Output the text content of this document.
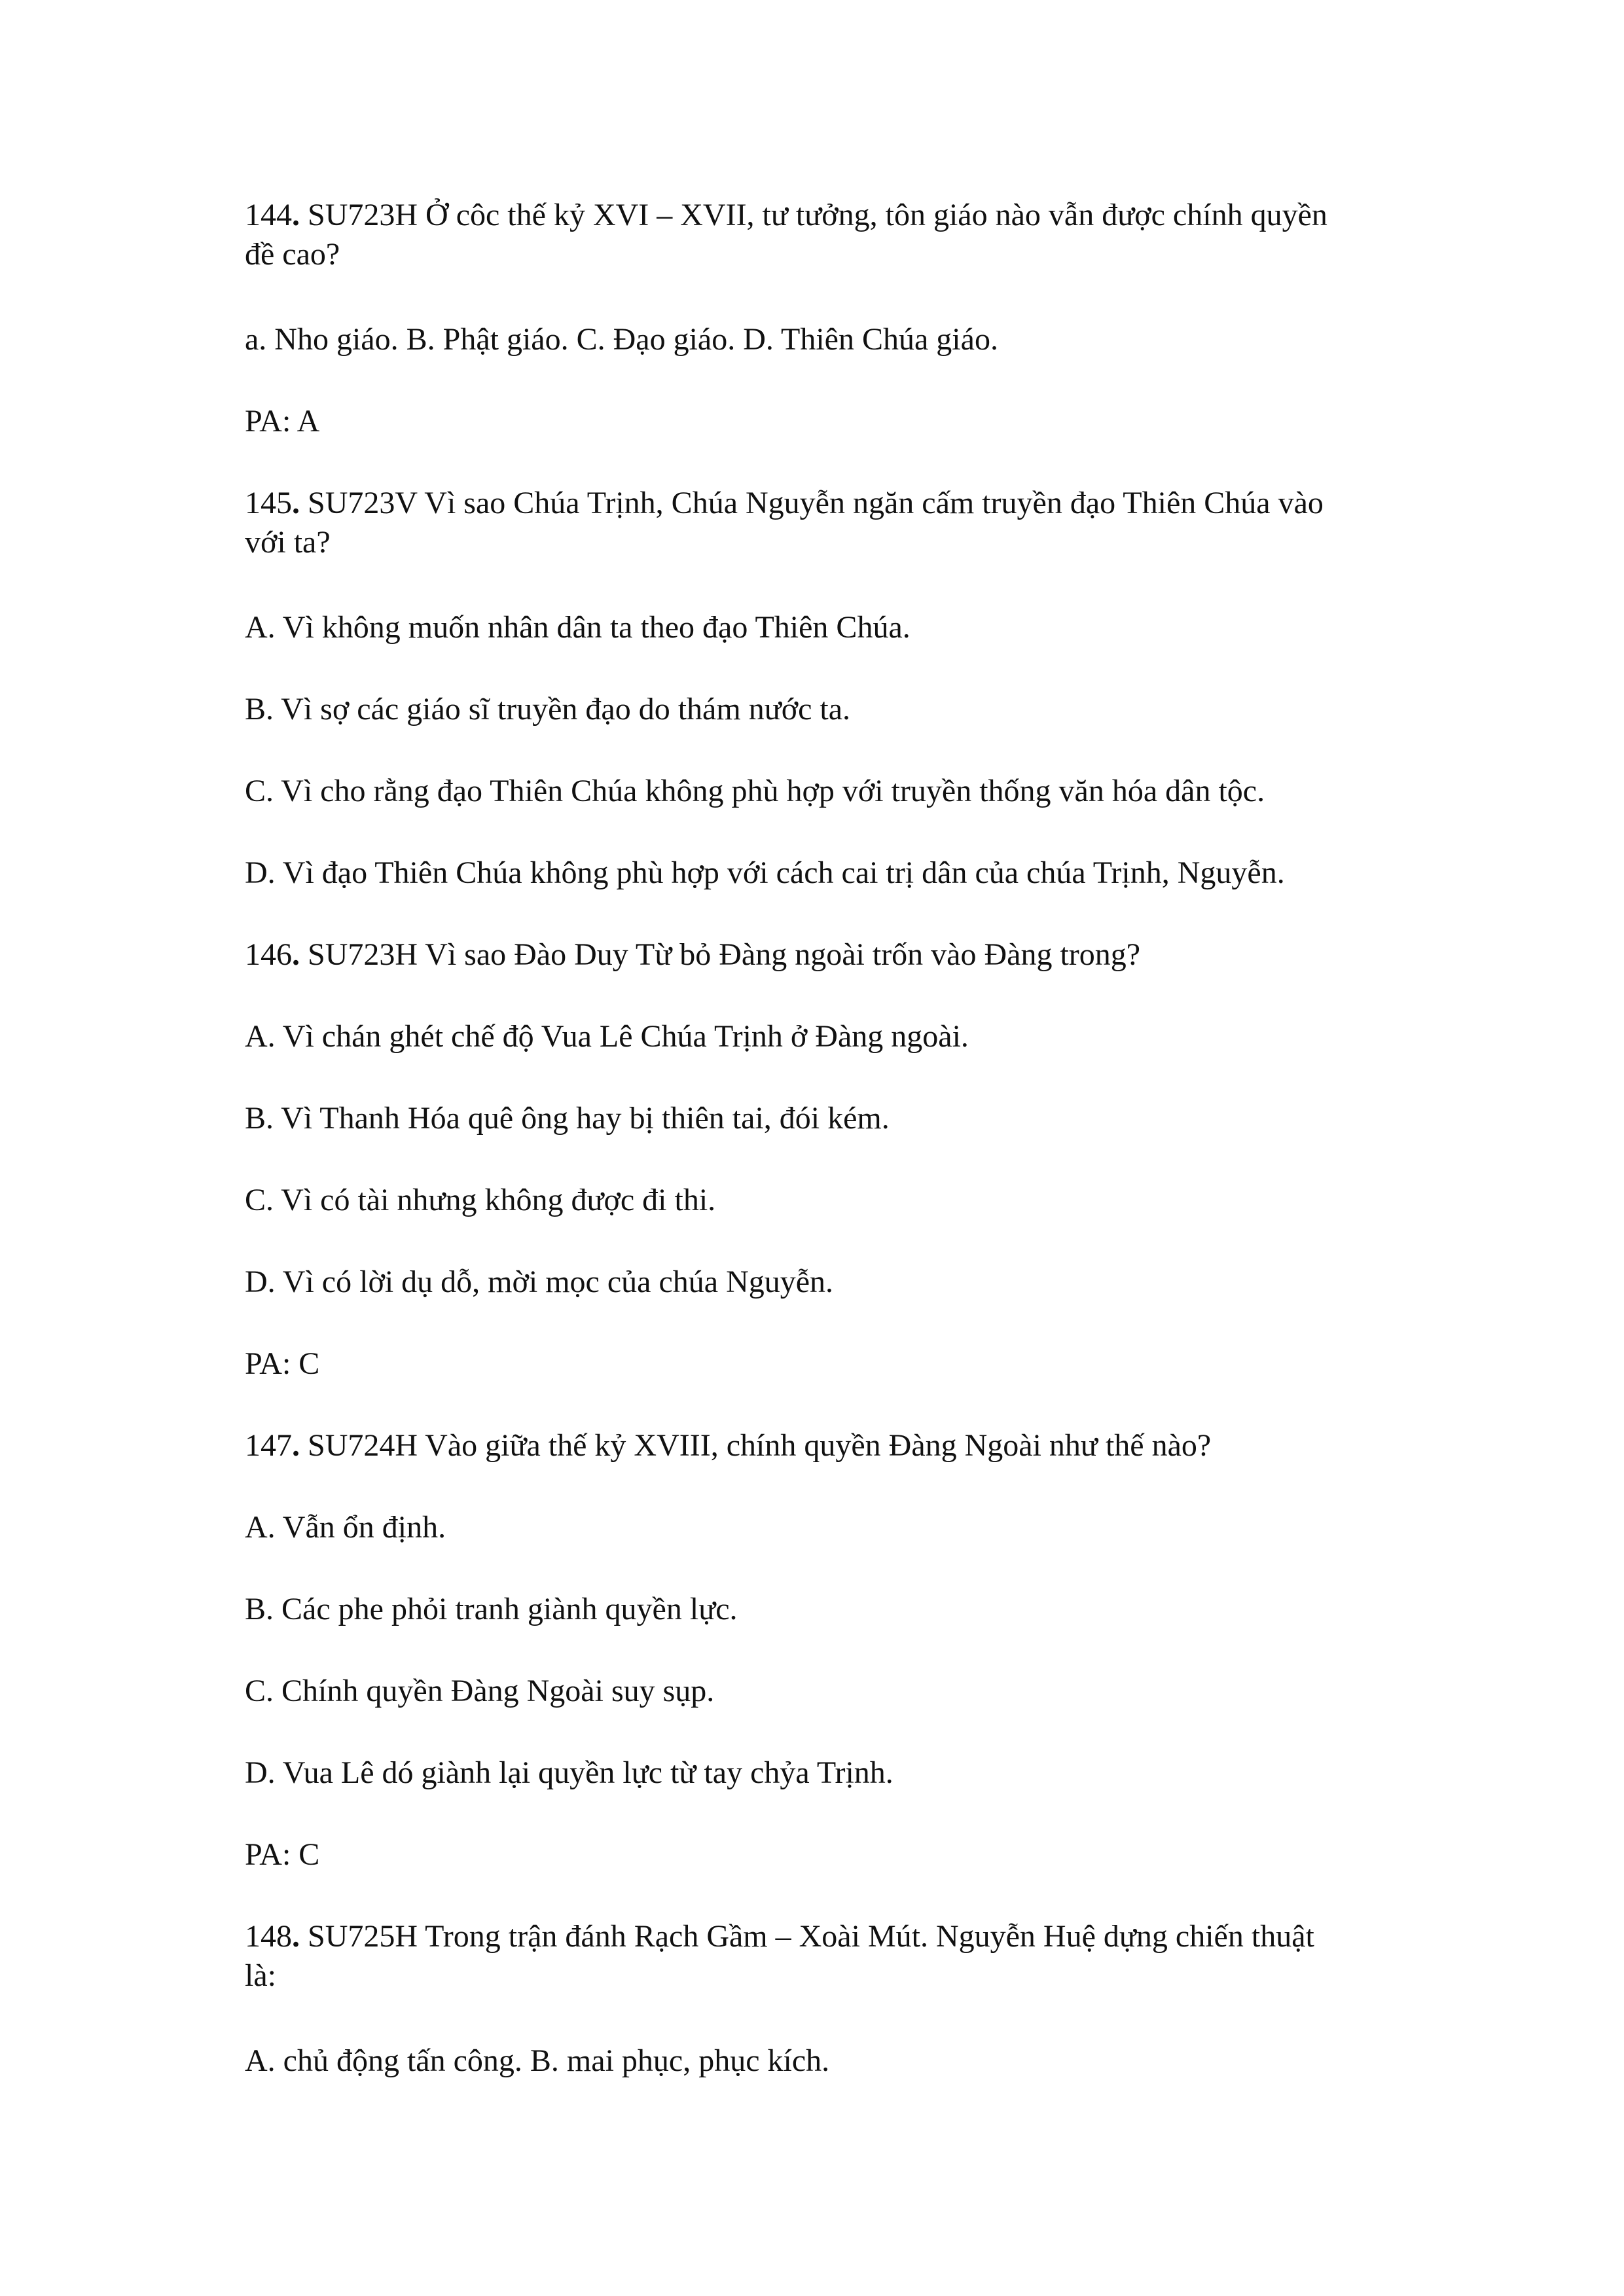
144. SU723H Ở côc thế kỷ XVI – XVII, tư tưởng, tôn giáo nào vẫn được chính quyền
đề cao?
a. Nho giáo. B. Phật giáo. C. Đạo giáo. D. Thiên Chúa giáo.
PA: A
145. SU723V Vì sao Chúa Trịnh, Chúa Nguyễn ngăn cấm truyền đạo Thiên Chúa vào
với ta?
A. Vì không muốn nhân dân ta theo đạo Thiên Chúa.
B. Vì sợ các giáo sĩ truyền đạo do thám nước ta.
C. Vì cho rằng đạo Thiên Chúa không phù hợp với truyền thống văn hóa dân tộc.
D. Vì đạo Thiên Chúa không phù hợp với cách cai trị dân của chúa Trịnh, Nguyễn.
146. SU723H Vì sao Đào Duy Từ bỏ Đàng ngoài trốn vào Đàng trong?
A. Vì chán ghét chế độ Vua Lê Chúa Trịnh ở Đàng ngoài.
B. Vì Thanh Hóa quê ông hay bị thiên tai, đói kém.
C. Vì có tài nhưng không được đi thi.
D. Vì có lời dụ dỗ, mời mọc của chúa Nguyễn.
PA: C
147. SU724H Vào giữa thế kỷ XVIII, chính quyền Đàng Ngoài như thế nào?
A. Vẫn ổn định.
B. Các phe phỏi tranh giành quyền lực.
C. Chính quyền Đàng Ngoài suy sụp.
D. Vua Lê dó giành lại quyền lực từ tay chỷa Trịnh.
PA: C
148. SU725H Trong trận đánh Rạch Gầm – Xoài Mút. Nguyễn Huệ dựng chiến thuật
là:
A. chủ động tấn công. B. mai phục, phục kích.
